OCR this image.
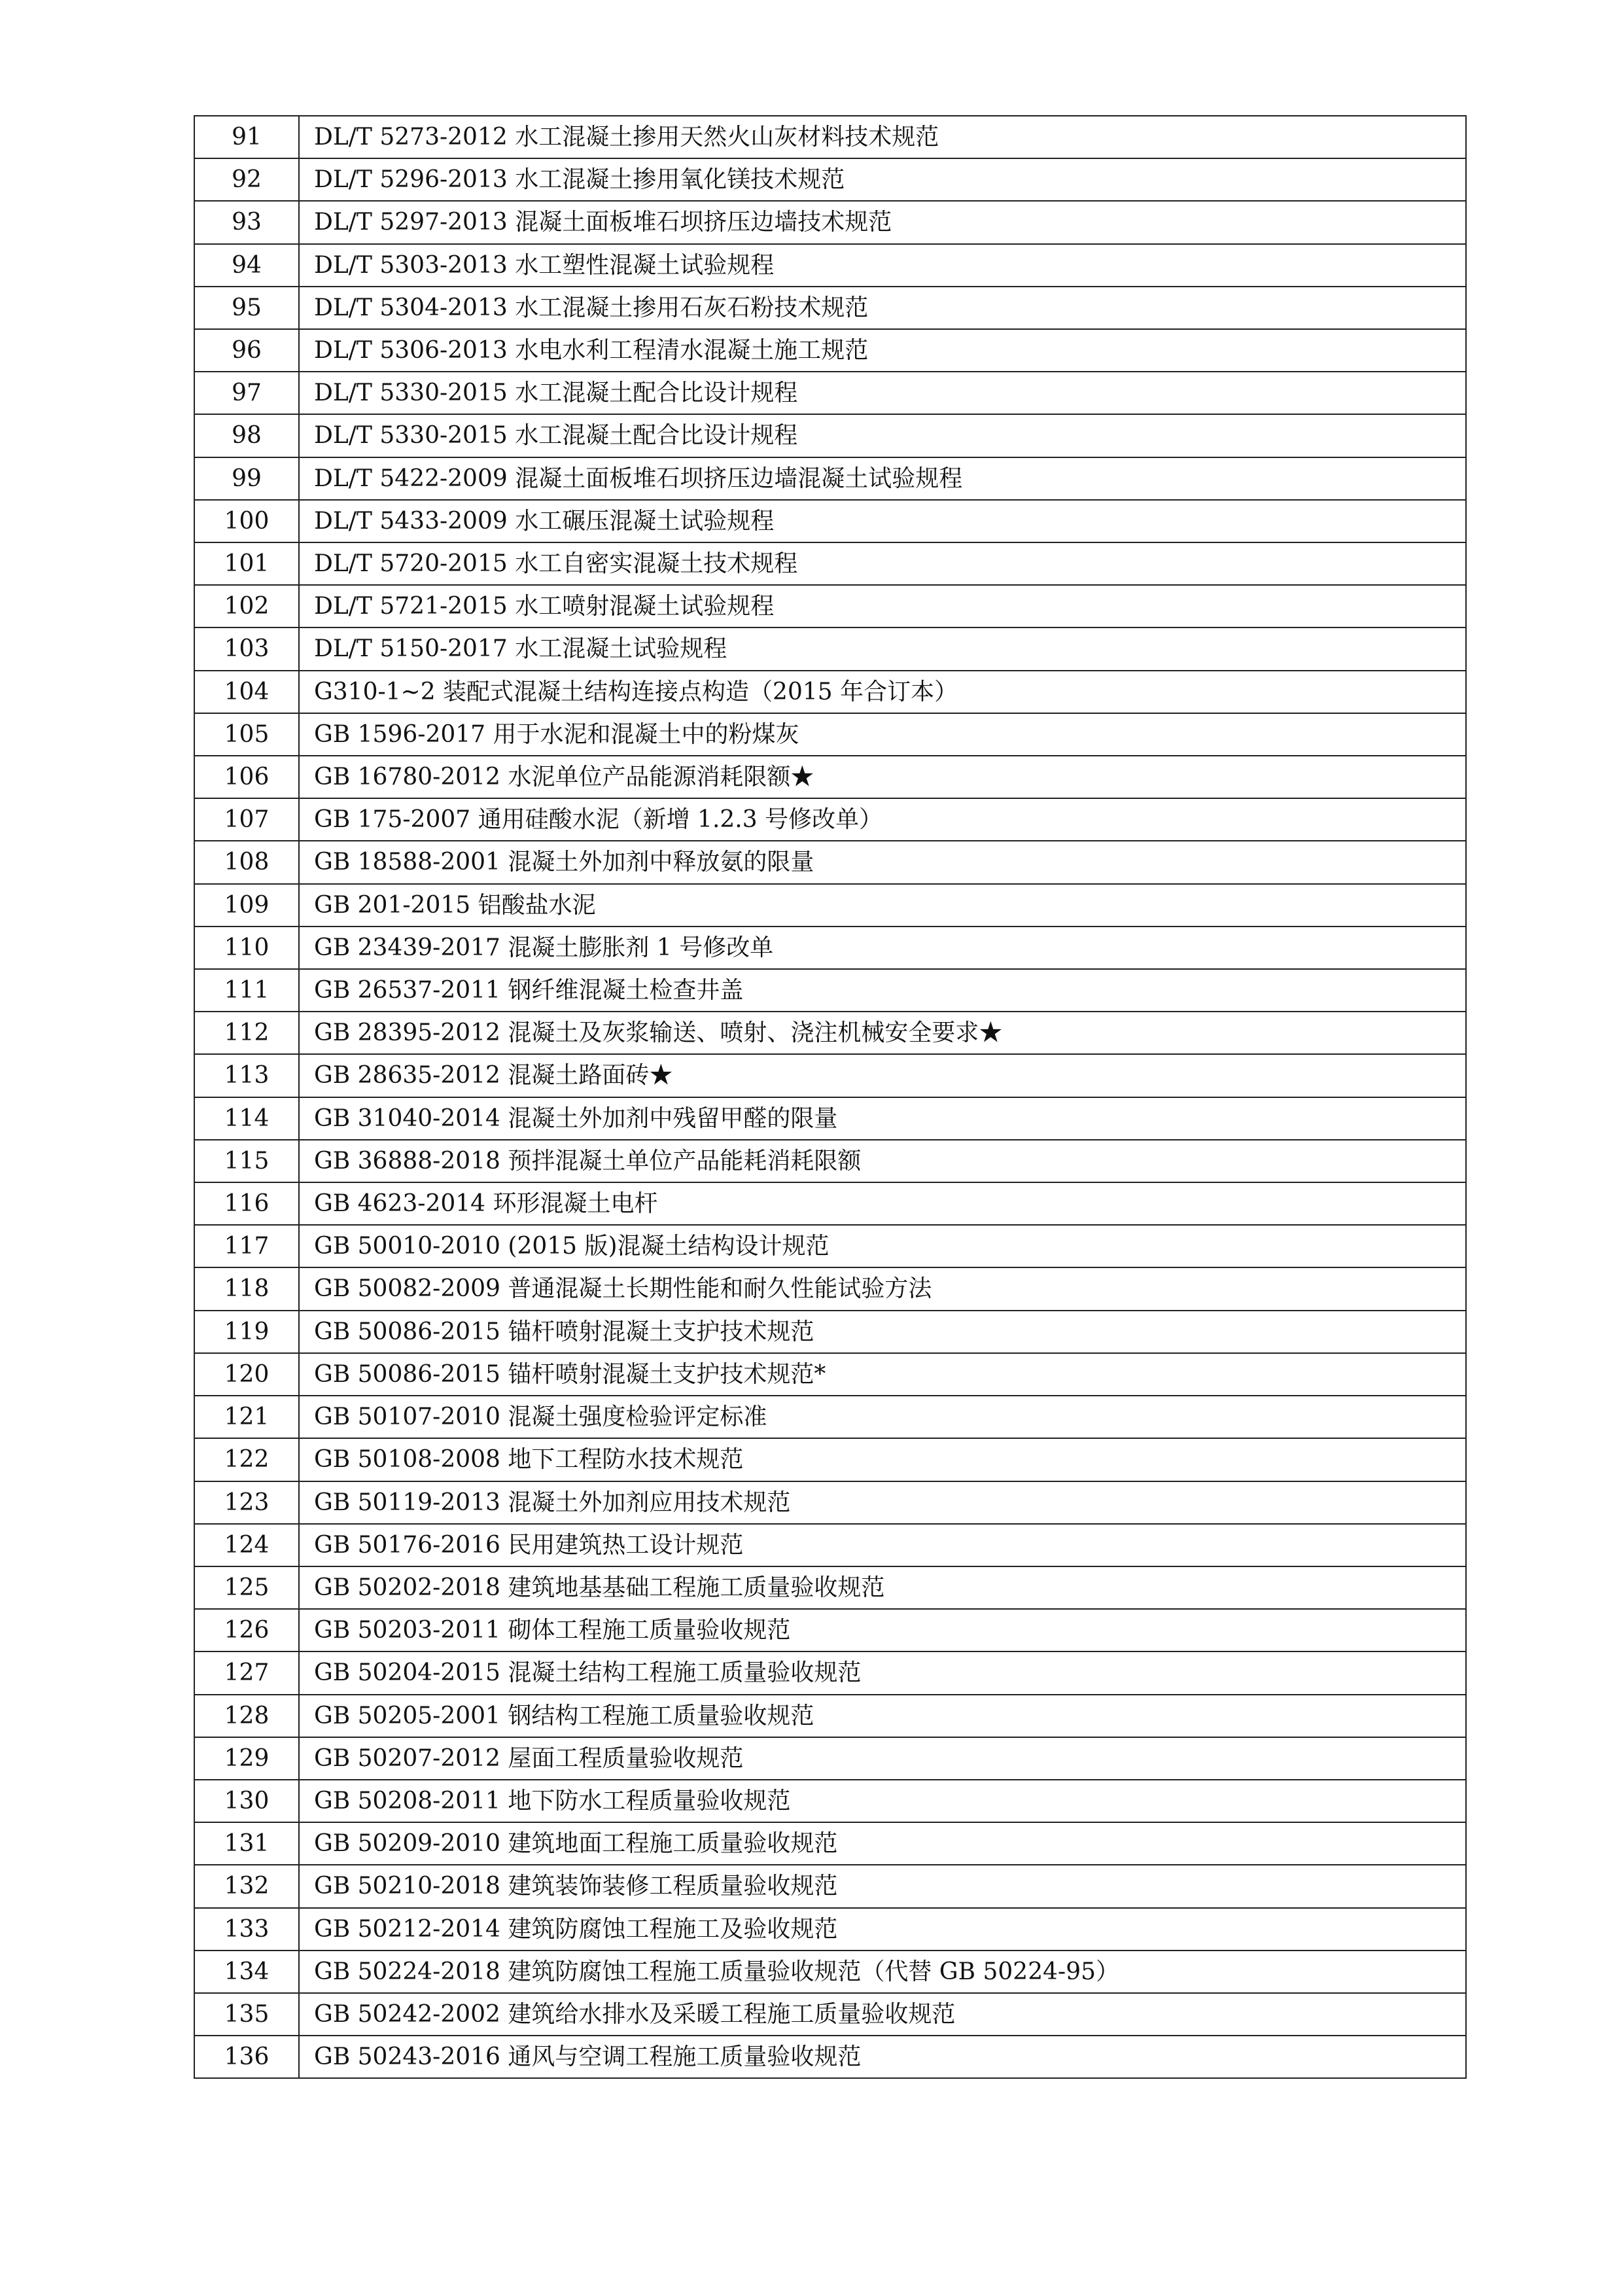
91	DL/T 5273-2012 水工混凝土掺用天然火山灰材料技术规范
92	DL/T 5296-2013 水工混凝土掺用氧化镁技术规范
93	DL/T 5297-2013 混凝土面板堆石坝挤压边墙技术规范
94	DL/T 5303-2013 水工塑性混凝土试验规程
95	DL/T 5304-2013 水工混凝土掺用石灰石粉技术规范
96	DL/T 5306-2013 水电水利工程清水混凝土施工规范
97	DL/T 5330-2015 水工混凝土配合比设计规程
98	DL/T 5330-2015 水工混凝土配合比设计规程
99	DL/T 5422-2009 混凝土面板堆石坝挤压边墙混凝土试验规程
100	DL/T 5433-2009 水工碾压混凝土试验规程
101	DL/T 5720-2015 水工自密实混凝土技术规程
102	DL/T 5721-2015 水工喷射混凝土试验规程
103	DL/T 5150-2017 水工混凝土试验规程
104	G310-1~2 装配式混凝土结构连接点构造（2015 年合订本）
105	GB 1596-2017 用于水泥和混凝土中的粉煤灰
106	GB 16780-2012 水泥单位产品能源消耗限额★
107	GB 175-2007 通用硅酸水泥（新增 1.2.3 号修改单）
108	GB 18588-2001 混凝土外加剂中释放氨的限量
109	GB 201-2015 铝酸盐水泥
110	GB 23439-2017 混凝土膨胀剂 1 号修改单
111	GB 26537-2011 钢纤维混凝土检查井盖
112	GB 28395-2012 混凝土及灰浆输送、喷射、浇注机械安全要求★
113	GB 28635-2012 混凝土路面砖★
114	GB 31040-2014 混凝土外加剂中残留甲醛的限量
115	GB 36888-2018 预拌混凝土单位产品能耗消耗限额
116	GB 4623-2014 环形混凝土电杆
117	GB 50010-2010 (2015 版)混凝土结构设计规范
118	GB 50082-2009 普通混凝土长期性能和耐久性能试验方法
119	GB 50086-2015 锚杆喷射混凝土支护技术规范
120	GB 50086-2015 锚杆喷射混凝土支护技术规范*
121	GB 50107-2010 混凝土强度检验评定标准
122	GB 50108-2008 地下工程防水技术规范
123	GB 50119-2013 混凝土外加剂应用技术规范
124	GB 50176-2016 民用建筑热工设计规范
125	GB 50202-2018 建筑地基基础工程施工质量验收规范
126	GB 50203-2011 砌体工程施工质量验收规范
127	GB 50204-2015 混凝土结构工程施工质量验收规范
128	GB 50205-2001 钢结构工程施工质量验收规范
129	GB 50207-2012 屋面工程质量验收规范
130	GB 50208-2011 地下防水工程质量验收规范
131	GB 50209-2010 建筑地面工程施工质量验收规范
132	GB 50210-2018 建筑装饰装修工程质量验收规范
133	GB 50212-2014 建筑防腐蚀工程施工及验收规范
134	GB 50224-2018 建筑防腐蚀工程施工质量验收规范（代替 GB 50224-95）
135	GB 50242-2002 建筑给水排水及采暖工程施工质量验收规范
136	GB 50243-2016 通风与空调工程施工质量验收规范
